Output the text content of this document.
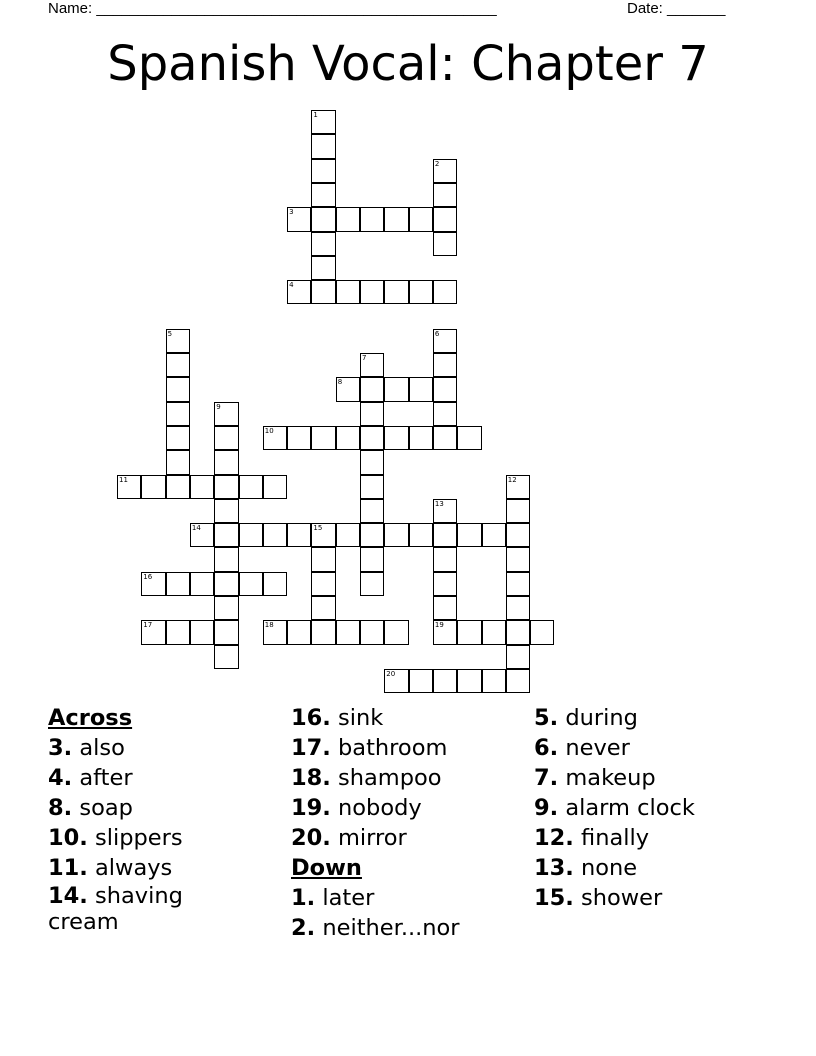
Name: ________________________________________________	Date: _______
Spanish Vocal: Chapter 7
1
2
3
4
5	6
7
8
9
10
11	12
13
14	15
16
17	18	19
20
Across
3. also
4. after
8. soap
10. slippers
11. always
14. shaving cream
16. sink
17. bathroom
18. shampoo
19. nobody
20. mirror
Down
1. later
2. neither...nor
5. during
6. never
7. makeup
9. alarm clock
12. finally
13. none
15. shower
